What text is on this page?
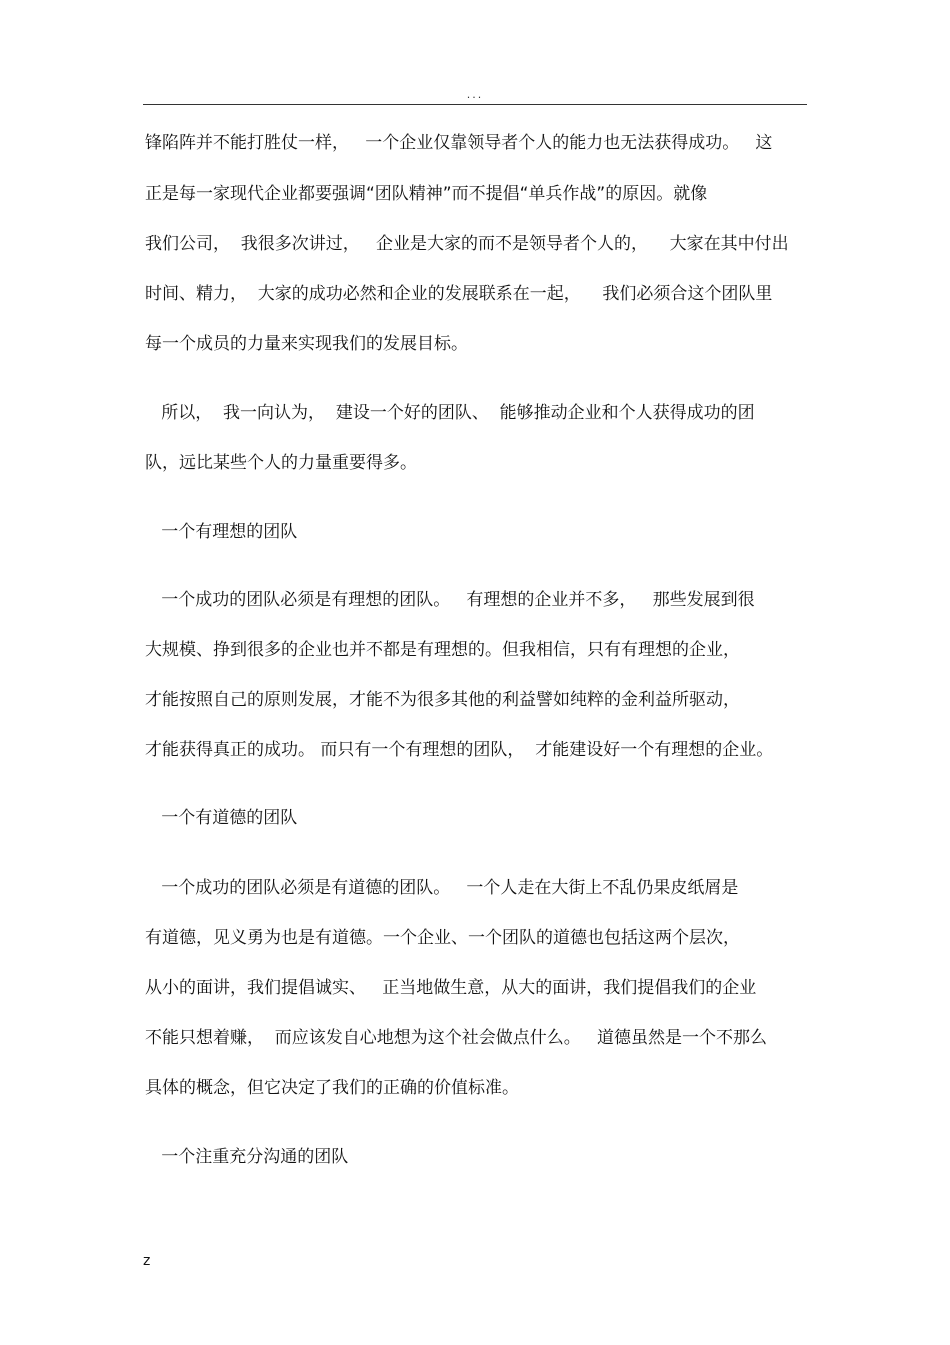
...
锋陷阵并不能打胜仗一样，   一个企业仅靠领导者个人的能力也无法获得成功。   这
正是每一家现代企业都要强调“团队精神”而不提倡“单兵作战”的原因。就像
我们公司，  我很多次讲过，   企业是大家的而不是领导者个人的，    大家在其中付出
时间、精力，  大家的成功必然和企业的发展联系在一起，    我们必须合这个团队里
每一个成员的力量来实现我们的发展目标。
所以，  我一向认为，  建设一个好的团队、  能够推动企业和个人获得成功的团
队，远比某些个人的力量重要得多。
一个有理想的团队
一个成功的团队必须是有理想的团队。   有理想的企业并不多，   那些发展到很
大规模、挣到很多的企业也并不都是有理想的。但我相信，只有有理想的企业，
才能按照自己的原则发展，才能不为很多其他的利益譬如纯粹的金利益所驱动，
才能获得真正的成功。 而只有一个有理想的团队，  才能建设好一个有理想的企业。
一个有道德的团队
一个成功的团队必须是有道德的团队。   一个人走在大街上不乱仍果皮纸屑是
有道德，见义勇为也是有道德。一个企业、一个团队的道德也包括这两个层次，
从小的面讲，我们提倡诚实、   正当地做生意，从大的面讲，我们提倡我们的企业
不能只想着赚，  而应该发自心地想为这个社会做点什么。   道德虽然是一个不那么
具体的概念，但它决定了我们的正确的价值标准。
一个注重充分沟通的团队
z
